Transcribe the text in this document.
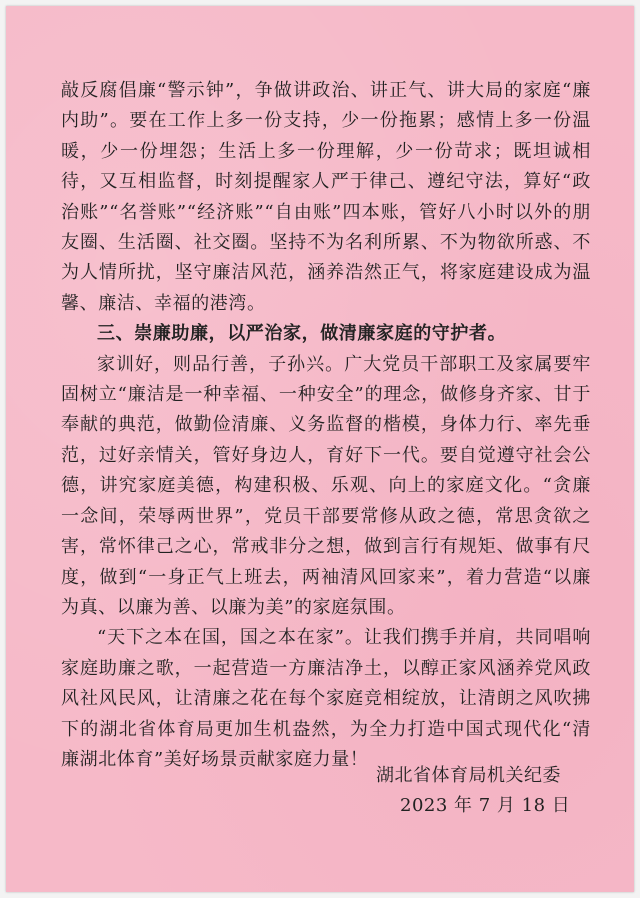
敲反腐倡廉“警示钟”，争做讲政治、讲正气、讲大局的家庭“廉内助”。要在工作上多一份支持，少一份拖累；感情上多一份温暖，少一份埋怨；生活上多一份理解，少一份苛求；既坦诚相待，又互相监督，时刻提醒家人严于律己、遵纪守法，算好“政治账”“名誉账”“经济账”“自由账”四本账，管好八小时以外的朋友圈、生活圈、社交圈。坚持不为名利所累、不为物欲所惑、不为人情所扰，坚守廉洁风范，涵养浩然正气，将家庭建设成为温馨、廉洁、幸福的港湾。

三、崇廉助廉，以严治家，做清廉家庭的守护者。

家训好，则品行善，子孙兴。广大党员干部职工及家属要牢固树立“廉洁是一种幸福、一种安全”的理念，做修身齐家、甘于奉献的典范，做勤俭清廉、义务监督的楷模，身体力行、率先垂范，过好亲情关，管好身边人，育好下一代。要自觉遵守社会公德，讲究家庭美德，构建积极、乐观、向上的家庭文化。“贪廉一念间，荣辱两世界”，党员干部要常修从政之德，常思贪欲之害，常怀律己之心，常戒非分之想，做到言行有规矩、做事有尺度，做到“一身正气上班去，两袖清风回家来”，着力营造“以廉为真、以廉为善、以廉为美”的家庭氛围。

“天下之本在国，国之本在家”。让我们携手并肩，共同唱响家庭助廉之歌，一起营造一方廉洁净土，以醇正家风涵养党风政风社风民风，让清廉之花在每个家庭竞相绽放，让清朗之风吹拂下的湖北省体育局更加生机盎然，为全力打造中国式现代化“清廉湖北体育”美好场景贡献家庭力量！

湖北省体育局机关纪委
2023 年 7 月 18 日
